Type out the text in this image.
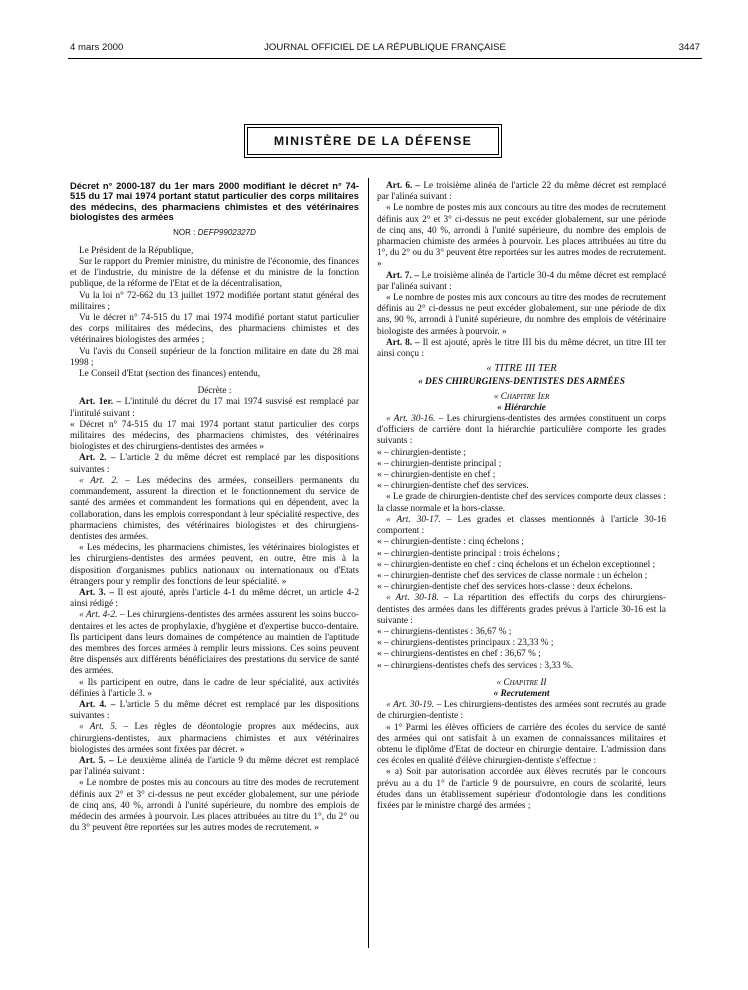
4 mars 2000	JOURNAL OFFICIEL DE LA RÉPUBLIQUE FRANÇAISE	3447
MINISTÈRE DE LA DÉFENSE
Décret n° 2000-187 du 1er mars 2000 modifiant le décret n° 74-515 du 17 mai 1974 portant statut particulier des corps militaires des médecins, des pharmaciens chimistes et des vétérinaires biologistes des armées
NOR : DEFP9902327D

Le Président de la République,

Sur le rapport du Premier ministre, du ministre de l'économie, des finances et de l'industrie, du ministre de la défense et du ministre de la fonction publique, de la réforme de l'Etat et de la décentralisation,

Vu la loi n° 72-662 du 13 juillet 1972 modifiée portant statut général des militaires ;

Vu le décret n° 74-515 du 17 mai 1974 modifié portant statut particulier des corps militaires des médecins, des pharmaciens chimistes et des vétérinaires biologistes des armées ;

Vu l'avis du Conseil supérieur de la fonction militaire en date du 28 mai 1998 ;

Le Conseil d'Etat (section des finances) entendu,

Décrète :

Art. 1er. – L'intitulé du décret du 17 mai 1974 susvisé est remplacé par l'intitulé suivant :

« Décret n° 74-515 du 17 mai 1974 portant statut particulier des corps militaires des médecins, des pharmaciens chimistes, des vétérinaires biologistes et des chirurgiens-dentistes des armées »

Art. 2. – L'article 2 du même décret est remplacé par les dispositions suivantes :

« Art. 2. – Les médecins des armées, conseillers permanents du commandement, assurent la direction et le fonctionnement du service de santé des armées et commandent les formations qui en dépendent, avec la collaboration, dans les emplois correspondant à leur spécialité respective, des pharmaciens chimistes, des vétérinaires biologistes et des chirurgiens-dentistes des armées.

« Les médecins, les pharmaciens chimistes, les vétérinaires biologistes et les chirurgiens-dentistes des armées peuvent, en outre, être mis à la disposition d'organismes publics nationaux ou internationaux ou d'Etats étrangers pour y remplir des fonctions de leur spécialité. »

Art. 3. – Il est ajouté, après l'article 4-1 du même décret, un article 4-2 ainsi rédigé :

« Art. 4-2. – Les chirurgiens-dentistes des armées assurent les soins bucco-dentaires et les actes de prophylaxie, d'hygiène et d'expertise bucco-dentaire. Ils participent dans leurs domaines de compétence au maintien de l'aptitude des membres des forces armées à remplir leurs missions. Ces soins peuvent être dispensés aux différents bénéficiaires des prestations du service de santé des armées.

« Ils participent en outre, dans le cadre de leur spécialité, aux activités définies à l'article 3. »

Art. 4. – L'article 5 du même décret est remplacé par les dispositions suivantes :

« Art. 5. – Les règles de déontologie propres aux médecins, aux chirurgiens-dentistes, aux pharmaciens chimistes et aux vétérinaires biologistes des armées sont fixées par décret. »

Art. 5. – Le deuxième alinéa de l'article 9 du même décret est remplacé par l'alinéa suivant :

« Le nombre de postes mis au concours au titre des modes de recrutement définis aux 2° et 3° ci-dessus ne peut excéder globalement, sur une période de cinq ans, 40 %, arrondi à l'unité supérieure, du nombre des emplois de médecin des armées à pourvoir. Les places attribuées au titre du 1°, du 2° ou du 3° peuvent être reportées sur les autres modes de recrutement. »

Art. 6. – Le troisième alinéa de l'article 22 du même décret est remplacé par l'alinéa suivant :

« Le nombre de postes mis aux concours au titre des modes de recrutement définis aux 2° et 3° ci-dessus ne peut excéder globalement, sur une période de cinq ans, 40 %, arrondi à l'unité supérieure, du nombre des emplois de pharmacien chimiste des armées à pourvoir. Les places attribuées au titre du 1°, du 2° ou du 3° peuvent être reportées sur les autres modes de recrutement. »

Art. 7. – Le troisième alinéa de l'article 30-4 du même décret est remplacé par l'alinéa suivant :

« Le nombre de postes mis aux concours au titre des modes de recrutement définis au 2° ci-dessus ne peut excéder globalement, sur une période de dix ans, 90 %, arrondi à l'unité supérieure, du nombre des emplois de vétérinaire biologiste des armées à pourvoir. »

Art. 8. – Il est ajouté, après le titre III bis du même décret, un titre III ter ainsi conçu :

« TITRE III TER

« DES CHIRURGIENS-DENTISTES DES ARMÉES

« Chapitre Ier

« Hiérarchie

« Art. 30-16. – Les chirurgiens-dentistes des armées constituent un corps d'officiers de carrière dont la hiérarchie particulière comporte les grades suivants :

« – chirurgien-dentiste ;

« – chirurgien-dentiste principal ;

« – chirurgien-dentiste en chef ;

« – chirurgien-dentiste chef des services.

« Le grade de chirurgien-dentiste chef des services comporte deux classes : la classe normale et la hors-classe.

« Art. 30-17. – Les grades et classes mentionnés à l'article 30-16 comportent :

« – chirurgien-dentiste : cinq échelons ;

« – chirurgien-dentiste principal : trois échelons ;

« – chirurgien-dentiste en chef : cinq échelons et un échelon exceptionnel ;

« – chirurgien-dentiste chef des services de classe normale : un échelon ;

« – chirurgien-dentiste chef des services hors-classe : deux échelons.

« Art. 30-18. – La répartition des effectifs du corps des chirurgiens-dentistes des armées dans les différents grades prévus à l'article 30-16 est la suivante :

« – chirurgiens-dentistes : 36,67 % ;

« – chirurgiens-dentistes principaux : 23,33 % ;

« – chirurgiens-dentistes en chef : 36,67 % ;

« – chirurgiens-dentistes chefs des services : 3,33 %.

« Chapitre II

« Recrutement

« Art. 30-19. – Les chirurgiens-dentistes des armées sont recrutés au grade de chirurgien-dentiste :

« 1° Parmi les élèves officiers de carrière des écoles du service de santé des armées qui ont satisfait à un examen de connaissances militaires et obtenu le diplôme d'Etat de docteur en chirurgie dentaire. L'admission dans ces écoles en qualité d'élève chirurgien-dentiste s'effectue :

« a) Soit par autorisation accordée aux élèves recrutés par le concours prévu au a du 1° de l'article 9 de poursuivre, en cours de scolarité, leurs études dans un établissement supérieur d'odontologie dans les conditions fixées par le ministre chargé des armées ;
